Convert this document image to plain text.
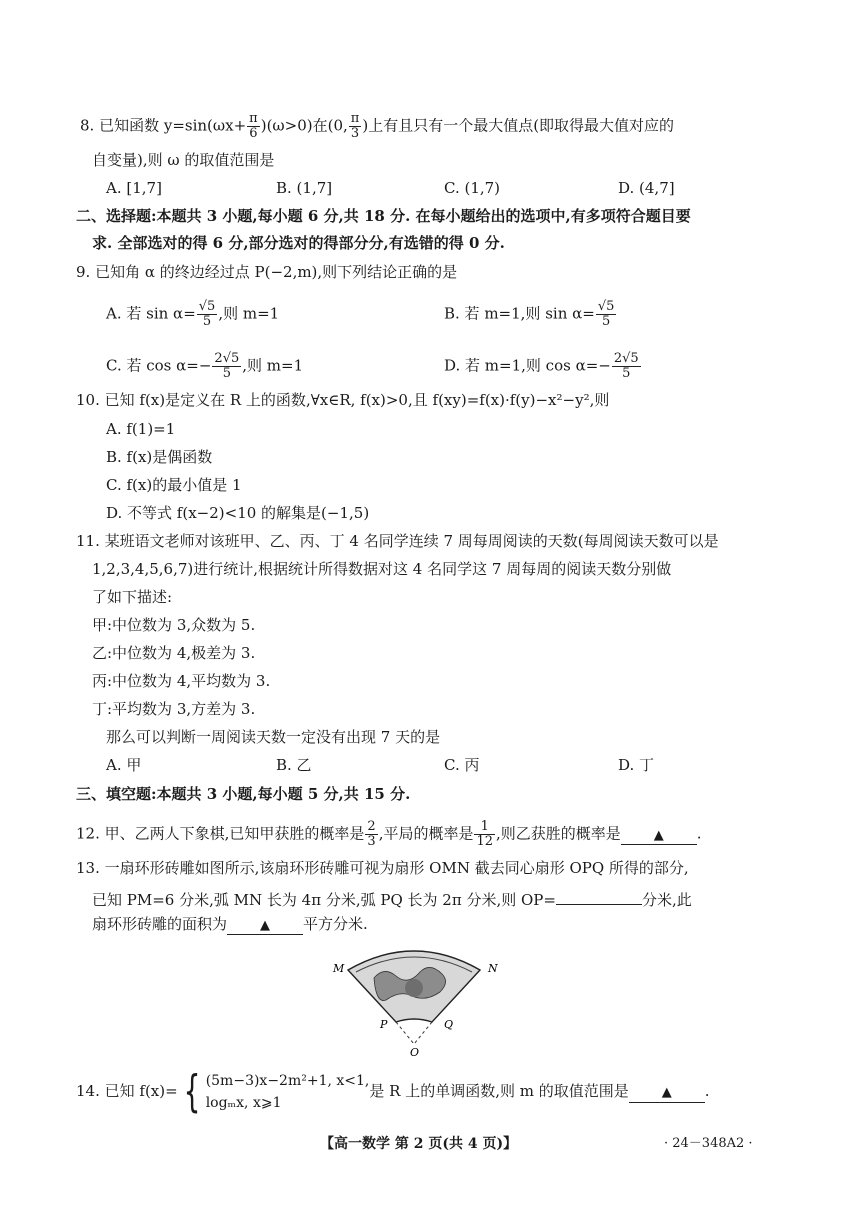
8. 已知函数 $y=\sin(\omega x+ \frac{\pi}{6} )(\omega>0)$在(0, $\frac{\pi}{3}$ )上有且只有一个最大值点(即取得最大值对应的
自变量),则 ω 的取值范围是
A. [1,7]	B. (1,7]	C. (1,7)	D. (4,7]
二、选择题:本题共 3 小题,每小题 6 分,共 18 分. 在每小题给出的选项中,有多项符合题目要
求. 全部选对的得 6 分,部分选对的得部分分,有选错的得 0 分.
9. 已知角 α 的终边经过点 P(−2,m),则下列结论正确的是
A. 若 $\sin \alpha= \frac{√5}{5}$ ,则 m=1	B. 若 m=1,则 $\sin \alpha= \frac{√5}{5}$
C. 若 $\cos \alpha=- \frac{2√5}{5}$ ,则 m=1	D. 若 m=1,则 $\cos \alpha=- \frac{2√5}{5}$
10. 已知 f(x)是定义在 R 上的函数,∀x∈R, f(x)>0,且 f(xy)=f(x)·f(y)−x²−y²,则
A. f(1)=1
B. f(x)是偶函数
C. f(x)的最小值是 1
D. 不等式 f(x−2)<10 的解集是(−1,5)
11. 某班语文老师对该班甲、乙、丙、丁 4 名同学连续 7 周每周阅读的天数(每周阅读天数可以是
1,2,3,4,5,6,7)进行统计,根据统计所得数据对这 4 名同学这 7 周每周的阅读天数分别做
了如下描述:
甲:中位数为 3,众数为 5.
乙:中位数为 4,极差为 3.
丙:中位数为 4,平均数为 3.
丁:平均数为 3,方差为 3.
那么可以判断一周阅读天数一定没有出现 7 天的是
A. 甲	B. 乙	C. 丙	D. 丁
三、填空题:本题共 3 小题,每小题 5 分,共 15 分.
12. 甲、乙两人下象棋,已知甲获胜的概率是 $\frac{2}{3}$ ,平局的概率是 $\frac{1}{12}$ ,则乙获胜的概率是	▲ .
13. 一扇环形砖雕如图所示,该扇环形砖雕可视为扇形 OMN 截去同心扇形 OPQ 所得的部分,
已知 PM=6 分米,弧 MN 长为 4π 分米,弧 PQ 长为 2π 分米,则 OP=	分米,此
扇环形砖雕的面积为	▲ 平方分米.
M	N
P	Q
O
14. 已知 f(x)= { (5m−3)x−2m²+1, x<1,
logₘx, x⩾1
是 R 上的单调函数,则 m 的取值范围是	▲ .
【高一数学 第 2 页(共 4 页)】	· 24－348A2 ·
